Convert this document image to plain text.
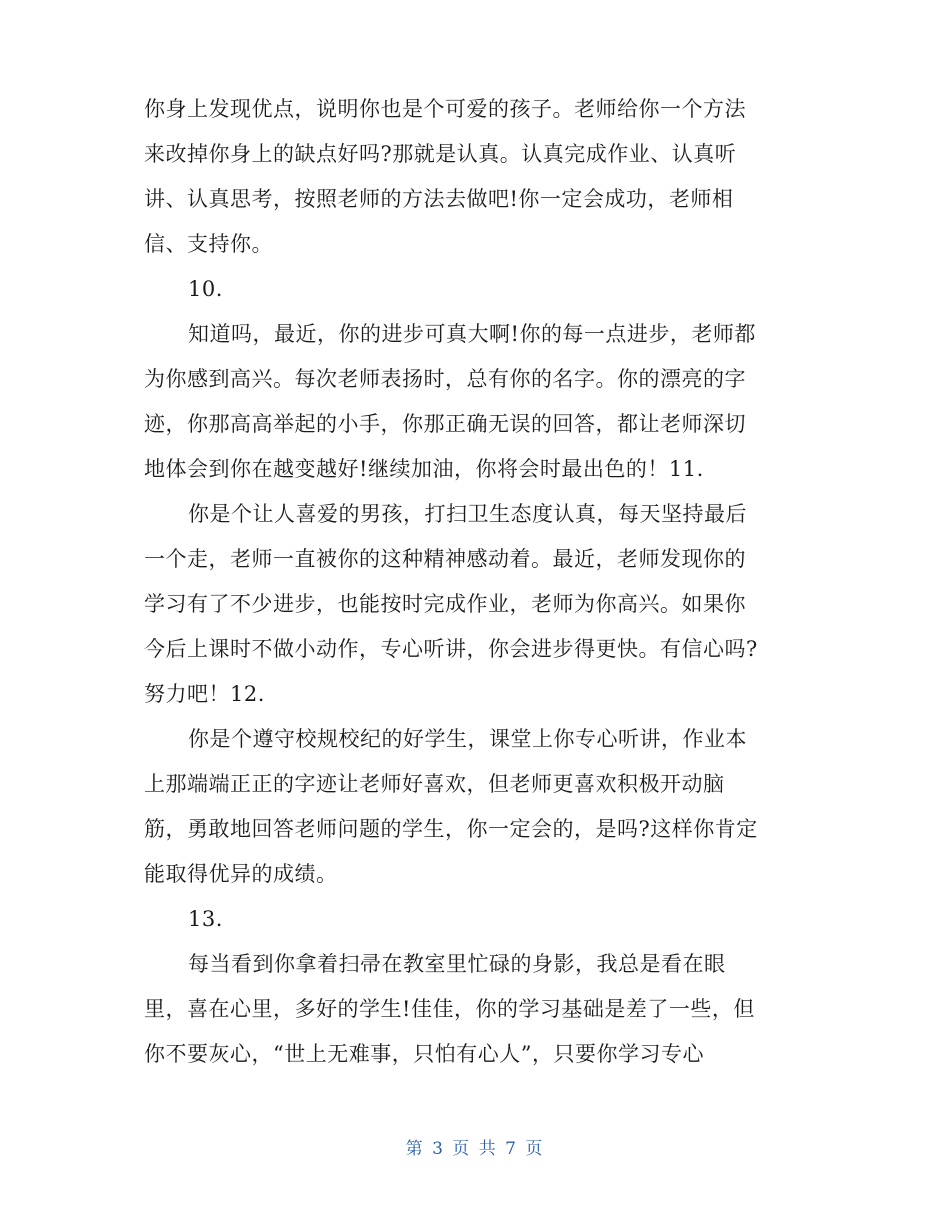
你身上发现优点，说明你也是个可爱的孩子。老师给你一个方法
来改掉你身上的缺点好吗?那就是认真。认真完成作业、认真听
讲、认真思考，按照老师的方法去做吧!你一定会成功，老师相
信、支持你。
10.
知道吗，最近，你的进步可真大啊!你的每一点进步，老师都
为你感到高兴。每次老师表扬时，总有你的名字。你的漂亮的字
迹，你那高高举起的小手，你那正确无误的回答，都让老师深切
地体会到你在越变越好!继续加油，你将会时最出色的！11.
你是个让人喜爱的男孩，打扫卫生态度认真，每天坚持最后
一个走，老师一直被你的这种精神感动着。最近，老师发现你的
学习有了不少进步，也能按时完成作业，老师为你高兴。如果你
今后上课时不做小动作，专心听讲，你会进步得更快。有信心吗?
努力吧！12.
你是个遵守校规校纪的好学生，课堂上你专心听讲，作业本
上那端端正正的字迹让老师好喜欢，但老师更喜欢积极开动脑
筋，勇敢地回答老师问题的学生，你一定会的，是吗?这样你肯定
能取得优异的成绩。
13.
每当看到你拿着扫帚在教室里忙碌的身影，我总是看在眼
里，喜在心里，多好的学生!佳佳，你的学习基础是差了一些，但
你不要灰心，“世上无难事，只怕有心人”，只要你学习专心
第 3 页 共 7 页
